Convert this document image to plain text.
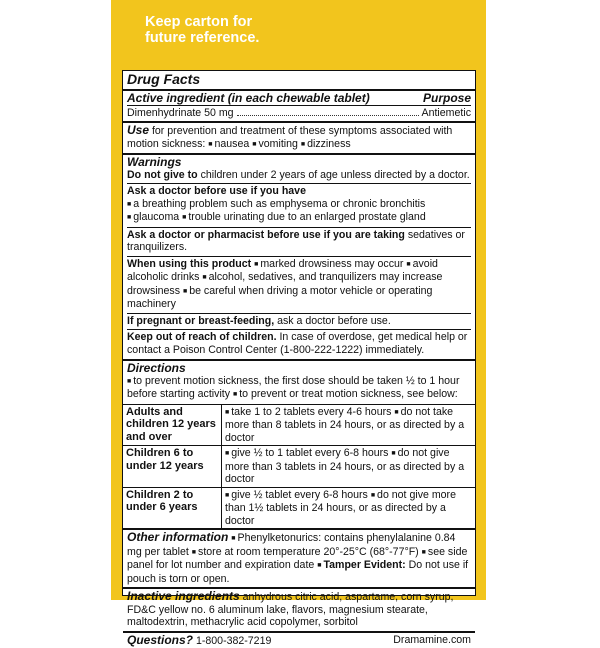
Keep carton for future reference.
Drug Facts
Active ingredient (in each chewable tablet)	Purpose
Dimenhydrinate 50 mg	Antiemetic
Use for prevention and treatment of these symptoms associated with motion sickness: ■ nausea ■ vomiting ■ dizziness
Warnings
Do not give to children under 2 years of age unless directed by a doctor.
Ask a doctor before use if you have
■ a breathing problem such as emphysema or chronic bronchitis
■ glaucoma ■ trouble urinating due to an enlarged prostate gland
Ask a doctor or pharmacist before use if you are taking sedatives or tranquilizers.
When using this product ■ marked drowsiness may occur ■ avoid alcoholic drinks ■ alcohol, sedatives, and tranquilizers may increase drowsiness ■ be careful when driving a motor vehicle or operating machinery
If pregnant or breast-feeding, ask a doctor before use.
Keep out of reach of children. In case of overdose, get medical help or contact a Poison Control Center (1-800-222-1222) immediately.
Directions
■ to prevent motion sickness, the first dose should be taken ½ to 1 hour before starting activity ■ to prevent or treat motion sickness, see below:
Adults and children 12 years and over	■ take 1 to 2 tablets every 4-6 hours ■ do not take more than 8 tablets in 24 hours, or as directed by a doctor
Children 6 to under 12 years	■ give ½ to 1 tablet every 6-8 hours ■ do not give more than 3 tablets in 24 hours, or as directed by a doctor
Children 2 to under 6 years	■ give ½ tablet every 6-8 hours ■ do not give more than 1½ tablets in 24 hours, or as directed by a doctor
Other information ■ Phenylketonurics: contains phenylalanine 0.84 mg per tablet ■ store at room temperature 20°-25°C (68°-77°F) ■ see side panel for lot number and expiration date ■ Tamper Evident: Do not use if pouch is torn or open.
Inactive ingredients anhydrous citric acid, aspartame, corn syrup, FD&C yellow no. 6 aluminum lake, flavors, magnesium stearate, maltodextrin, methacrylic acid copolymer, sorbitol
Questions? 1-800-382-7219	Dramamine.com
